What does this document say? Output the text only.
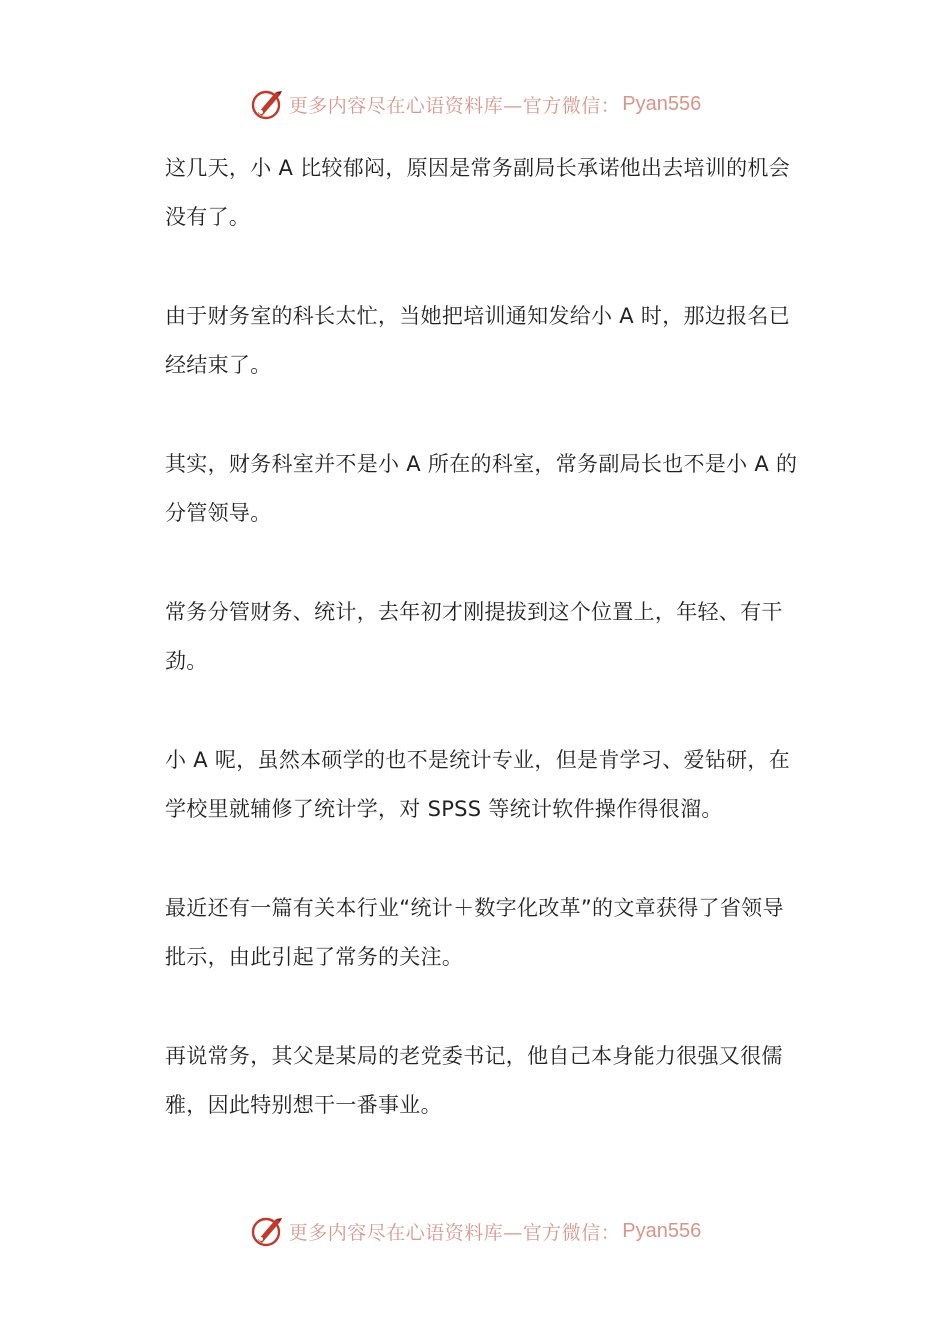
更多内容尽在心语资料库—官方微信： Pyan556

这几天，小 A 比较郁闷，原因是常务副局长承诺他出去培训的机会没有了。

由于财务室的科长太忙，当她把培训通知发给小 A 时，那边报名已经结束了。

其实，财务科室并不是小 A 所在的科室，常务副局长也不是小 A 的分管领导。

常务分管财务、统计，去年初才刚提拔到这个位置上，年轻、有干劲。

小 A 呢，虽然本硕学的也不是统计专业，但是肯学习、爱钻研，在学校里就辅修了统计学，对 SPSS 等统计软件操作得很溜。

最近还有一篇有关本行业“统计＋数字化改革”的文章获得了省领导批示，由此引起了常务的关注。

再说常务，其父是某局的老党委书记，他自己本身能力很强又很儒雅，因此特别想干一番事业。

更多内容尽在心语资料库—官方微信： Pyan556
